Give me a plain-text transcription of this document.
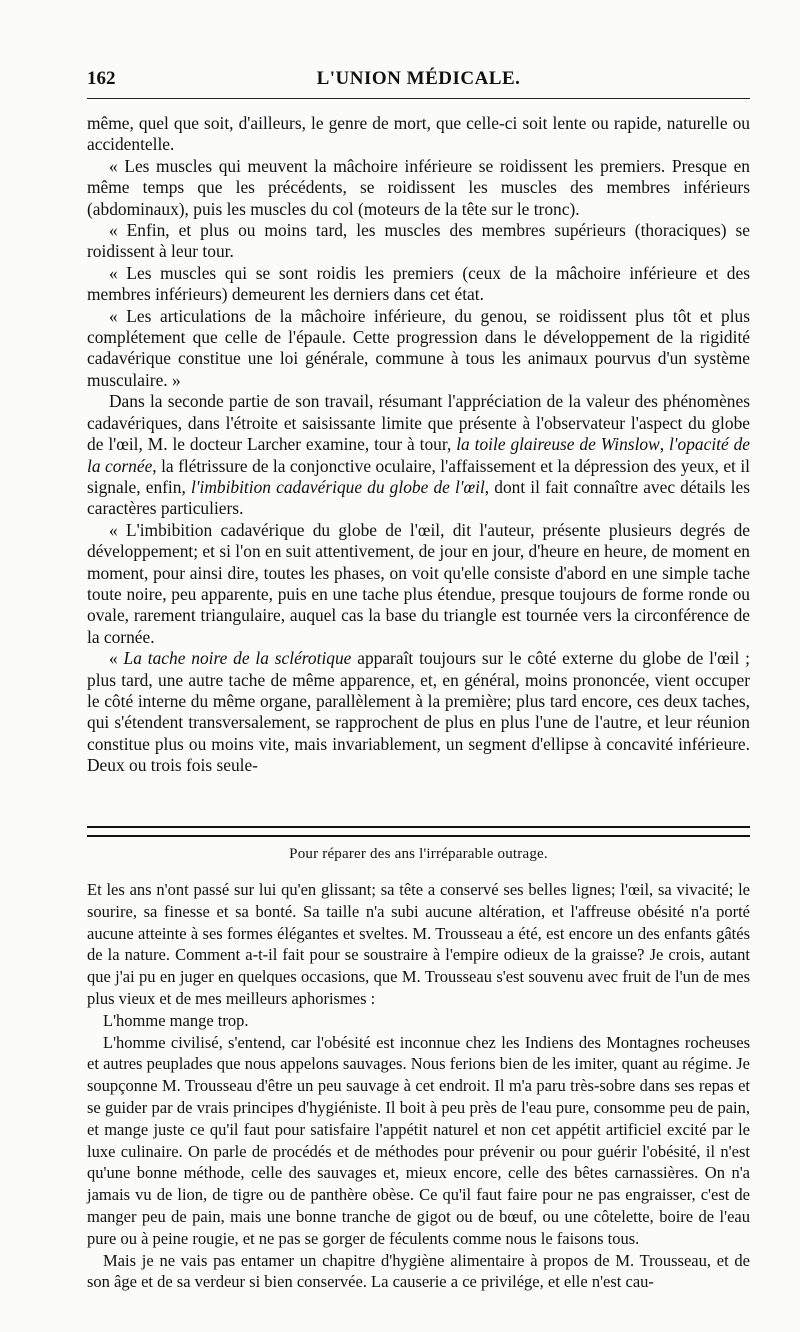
162	L'UNION MÉDICALE.

même, quel que soit, d'ailleurs, le genre de mort, que celle-ci soit lente ou rapide, naturelle ou accidentelle.

« Les muscles qui meuvent la mâchoire inférieure se roidissent les premiers. Presque en même temps que les précédents, se roidissent les muscles des membres inférieurs (abdominaux), puis les muscles du col (moteurs de la tête sur le tronc).

« Enfin, et plus ou moins tard, les muscles des membres supérieurs (thoraciques) se roidissent à leur tour.

« Les muscles qui se sont roidis les premiers (ceux de la mâchoire inférieure et des membres inférieurs) demeurent les derniers dans cet état.

« Les articulations de la mâchoire inférieure, du genou, se roidissent plus tôt et plus complétement que celle de l'épaule. Cette progression dans le développement de la rigidité cadavérique constitue une loi générale, commune à tous les animaux pourvus d'un système musculaire. »

Dans la seconde partie de son travail, résumant l'appréciation de la valeur des phénomènes cadavériques, dans l'étroite et saisissante limite que présente à l'observateur l'aspect du globe de l'œil, M. le docteur Larcher examine, tour à tour, la toile glaireuse de Winslow, l'opacité de la cornée, la flétrissure de la conjonctive oculaire, l'affaissement et la dépression des yeux, et il signale, enfin, l'imbibition cadavérique du globe de l'œil, dont il fait connaître avec détails les caractères particuliers.

« L'imbibition cadavérique du globe de l'œil, dit l'auteur, présente plusieurs degrés de développement; et si l'on en suit attentivement, de jour en jour, d'heure en heure, de moment en moment, pour ainsi dire, toutes les phases, on voit qu'elle consiste d'abord en une simple tache toute noire, peu apparente, puis en une tache plus étendue, presque toujours de forme ronde ou ovale, rarement triangulaire, auquel cas la base du triangle est tournée vers la circonférence de la cornée.

« La tache noire de la sclérotique apparaît toujours sur le côté externe du globe de l'œil ; plus tard, une autre tache de même apparence, et, en général, moins prononcée, vient occuper le côté interne du même organe, parallèlement à la première; plus tard encore, ces deux taches, qui s'étendent transversalement, se rapprochent de plus en plus l'une de l'autre, et leur réunion constitue plus ou moins vite, mais invariablement, un segment d'ellipse à concavité inférieure. Deux ou trois fois seule-

Pour réparer des ans l'irréparable outrage.

Et les ans n'ont passé sur lui qu'en glissant; sa tête a conservé ses belles lignes; l'œil, sa vivacité; le sourire, sa finesse et sa bonté. Sa taille n'a subi aucune altération, et l'affreuse obésité n'a porté aucune atteinte à ses formes élégantes et sveltes. M. Trousseau a été, est encore un des enfants gâtés de la nature. Comment a-t-il fait pour se soustraire à l'empire odieux de la graisse? Je crois, autant que j'ai pu en juger en quelques occasions, que M. Trousseau s'est souvenu avec fruit de l'un de mes plus vieux et de mes meilleurs aphorismes :

L'homme mange trop.

L'homme civilisé, s'entend, car l'obésité est inconnue chez les Indiens des Montagnes rocheuses et autres peuplades que nous appelons sauvages. Nous ferions bien de les imiter, quant au régime. Je soupçonne M. Trousseau d'être un peu sauvage à cet endroit. Il m'a paru très-sobre dans ses repas et se guider par de vrais principes d'hygiéniste. Il boit à peu près de l'eau pure, consomme peu de pain, et mange juste ce qu'il faut pour satisfaire l'appétit naturel et non cet appétit artificiel excité par le luxe culinaire. On parle de procédés et de méthodes pour prévenir ou pour guérir l'obésité, il n'est qu'une bonne méthode, celle des sauvages et, mieux encore, celle des bêtes carnassières. On n'a jamais vu de lion, de tigre ou de panthère obèse. Ce qu'il faut faire pour ne pas engraisser, c'est de manger peu de pain, mais une bonne tranche de gigot ou de bœuf, ou une côtelette, boire de l'eau pure ou à peine rougie, et ne pas se gorger de féculents comme nous le faisons tous.

Mais je ne vais pas entamer un chapitre d'hygiène alimentaire à propos de M. Trousseau, et de son âge et de sa verdeur si bien conservée. La causerie a ce privilége, et elle n'est cau-
